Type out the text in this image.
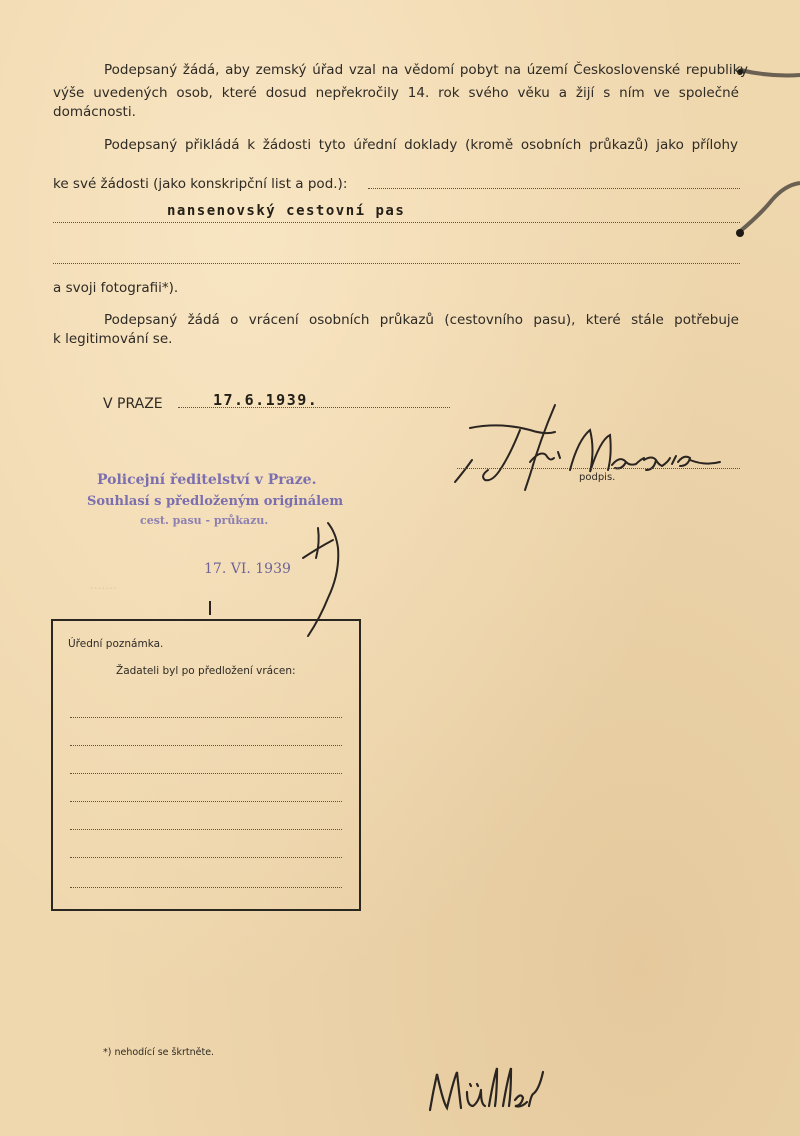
.......
Podepsaný žádá, aby zemský úřad vzal na vědomí pobyt na území Československé republiky
výše uvedených osob, které dosud nepřekročily 14. rok svého věku a žijí s ním ve společné
domácnosti.
Podepsaný přikládá k žádosti tyto úřední doklady (kromě osobních průkazů) jako přílohy
ke své žádosti (jako konskripční list a pod.):
nansenovský cestovní pas
a svoji fotografii*).
Podepsaný žádá o vrácení osobních průkazů (cestovního pasu), které stále potřebuje
k legitimování se.
V PRAZE	17.6.1939.
podpis.
Policejní ředitelství v Praze.
Souhlasí s předloženým originálem
cest. pasu - průkazu.
17. VI. 1939
Úřední poznámka.
Žadateli byl po předložení vrácen:
*) nehodící se škrtněte.
